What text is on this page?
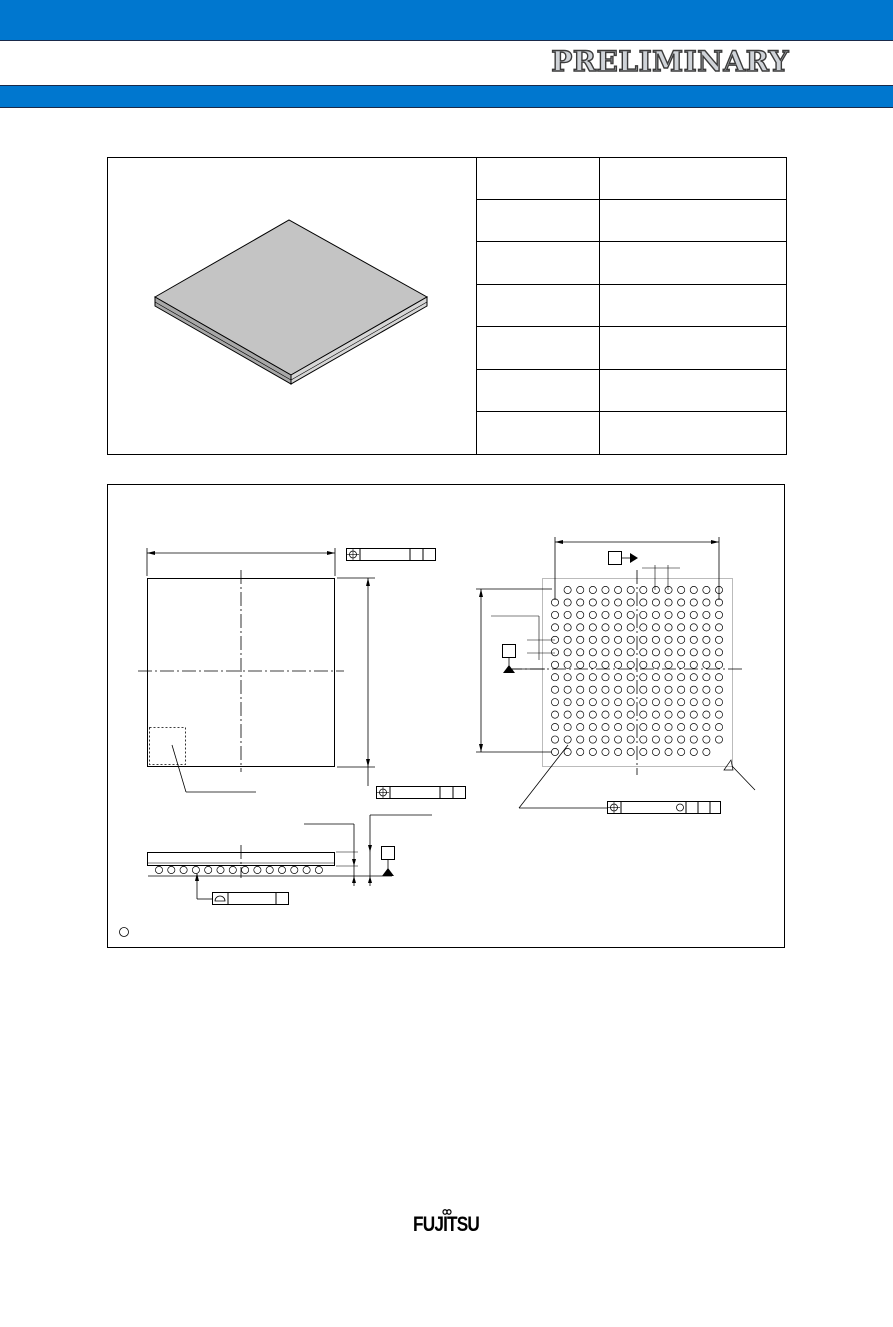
PRELIMINARY

FUJITSU
